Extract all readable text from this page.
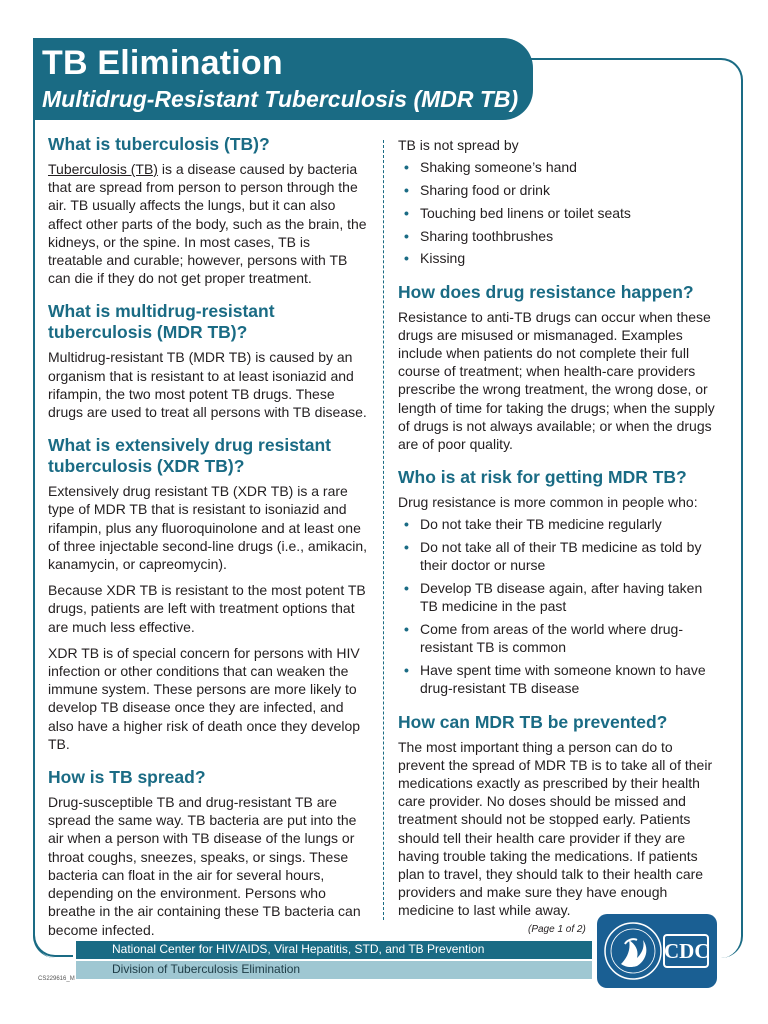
TB Elimination
Multidrug-Resistant Tuberculosis (MDR TB)
What is tuberculosis (TB)?

Tuberculosis (TB) is a disease caused by bacteria that are spread from person to person through the air. TB usually affects the lungs, but it can also affect other parts of the body, such as the brain, the kidneys, or the spine. In most cases, TB is treatable and curable; however, persons with TB can die if they do not get proper treatment.

What is multidrug-resistant tuberculosis (MDR TB)?

Multidrug-resistant TB (MDR TB) is caused by an organism that is resistant to at least isoniazid and rifampin, the two most potent TB drugs. These drugs are used to treat all persons with TB disease.

What is extensively drug resistant tuberculosis (XDR TB)?

Extensively drug resistant TB (XDR TB) is a rare type of MDR TB that is resistant to isoniazid and rifampin, plus any fluoroquinolone and at least one of three injectable second-line drugs (i.e., amikacin, kanamycin, or capreomycin).

Because XDR TB is resistant to the most potent TB drugs, patients are left with treatment options that are much less effective.

XDR TB is of special concern for persons with HIV infection or other conditions that can weaken the immune system. These persons are more likely to develop TB disease once they are infected, and also have a higher risk of death once they develop TB.

How is TB spread?

Drug-susceptible TB and drug-resistant TB are spread the same way. TB bacteria are put into the air when a person with TB disease of the lungs or throat coughs, sneezes, speaks, or sings. These bacteria can float in the air for several hours, depending on the environment. Persons who breathe in the air containing these TB bacteria can become infected.

TB is not spread by

• Shaking someone’s hand
• Sharing food or drink
• Touching bed linens or toilet seats
• Sharing toothbrushes
• Kissing
How does drug resistance happen?

Resistance to anti-TB drugs can occur when these drugs are misused or mismanaged. Examples include when patients do not complete their full course of treatment; when health-care providers prescribe the wrong treatment, the wrong dose, or length of time for taking the drugs; when the supply of drugs is not always available; or when the drugs are of poor quality.

Who is at risk for getting MDR TB?

Drug resistance is more common in people who:

• Do not take their TB medicine regularly
• Do not take all of their TB medicine as told by their doctor or nurse
• Develop TB disease again, after having taken TB medicine in the past
• Come from areas of the world where drug-resistant TB is common
• Have spent time with someone known to have drug-resistant TB disease
How can MDR TB be prevented?

The most important thing a person can do to prevent the spread of MDR TB is to take all of their medications exactly as prescribed by their health care provider. No doses should be missed and treatment should not be stopped early. Patients should tell their health care provider if they are having trouble taking the medications. If patients plan to travel, they should talk to their health care providers and make sure they have enough medicine to last while away.

(Page 1 of 2)
National Center for HIV/AIDS, Viral Hepatitis, STD, and TB Prevention
Division of Tuberculosis Elimination
CS229616_M
CDC
